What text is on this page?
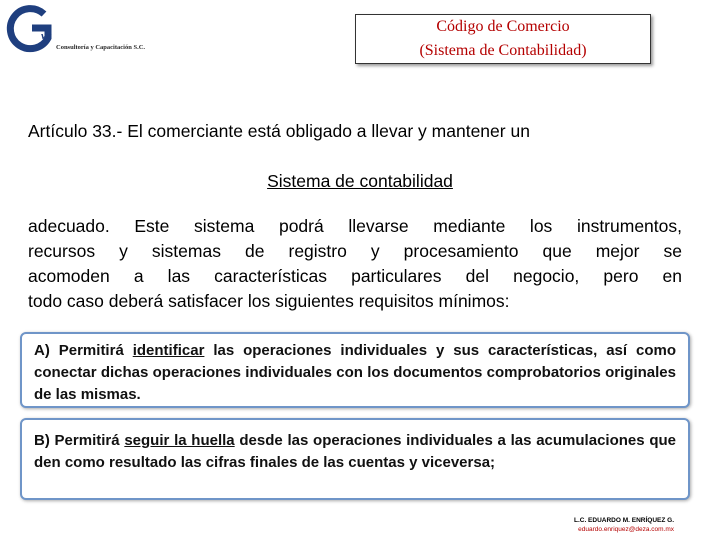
va
Consultoría y Capacitación S.C.
Código de Comercio
(Sistema de Contabilidad)
Artículo 33.- El comerciante está obligado a llevar y mantener un
Sistema de contabilidad
adecuado. Este sistema podrá llevarse mediante los instrumentos,
recursos y sistemas de registro y procesamiento que mejor se
acomoden a las características particulares del negocio, pero en
todo caso deberá satisfacer los siguientes requisitos mínimos:
A) Permitirá identificar las operaciones individuales y sus características, así como conectar dichas operaciones individuales con los documentos comprobatorios originales de las mismas.
B) Permitirá seguir la huella desde las operaciones individuales a las acumulaciones que den como resultado las cifras finales de las cuentas y viceversa;
L.C. EDUARDO M. ENRÍQUEZ G.
eduardo.enriquez@deza.com.mx
